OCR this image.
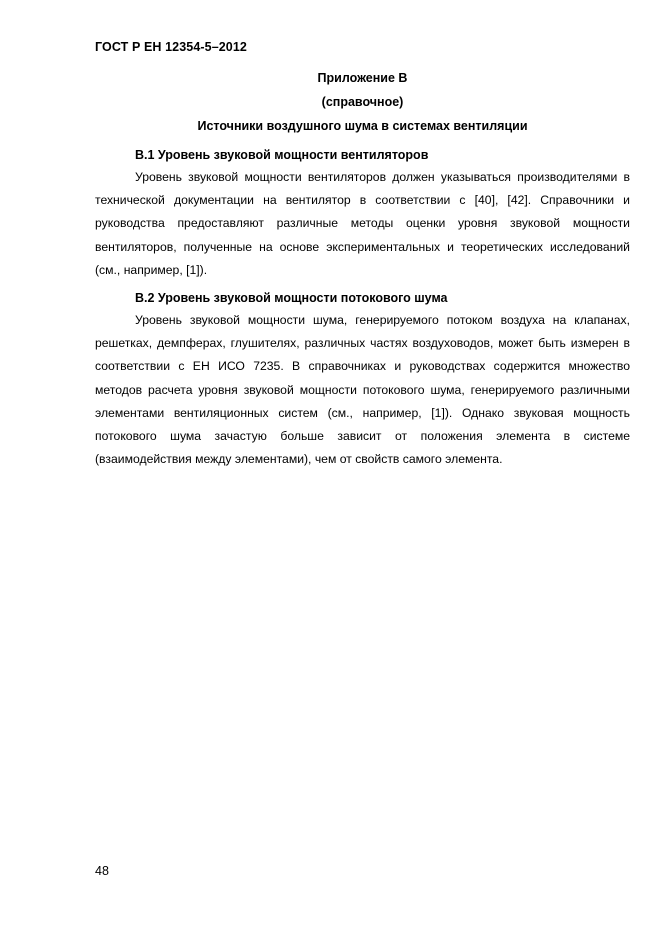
ГОСТ Р ЕН 12354-5–2012
Приложение В
(справочное)
Источники воздушного шума в системах вентиляции
В.1 Уровень звуковой мощности вентиляторов

Уровень звуковой мощности вентиляторов должен указываться производителями в технической документации на вентилятор в соответствии с [40], [42]. Справочники и руководства предоставляют различные методы оценки уровня звуковой мощности вентиляторов, полученные на основе экспериментальных и теоретических исследований (см., например, [1]).

В.2 Уровень звуковой мощности потокового шума

Уровень звуковой мощности шума, генерируемого потоком воздуха на клапанах, решетках, демпферах, глушителях, различных частях воздуховодов, может быть измерен в соответствии с ЕН ИСО 7235. В справочниках и руководствах содержится множество методов расчета уровня звуковой мощности потокового шума, генерируемого различными элементами вентиляционных систем (см., например, [1]). Однако звуковая мощность потокового шума зачастую больше зависит от положения элемента в системе (взаимодействия между элементами), чем от свойств самого элемента.

48
